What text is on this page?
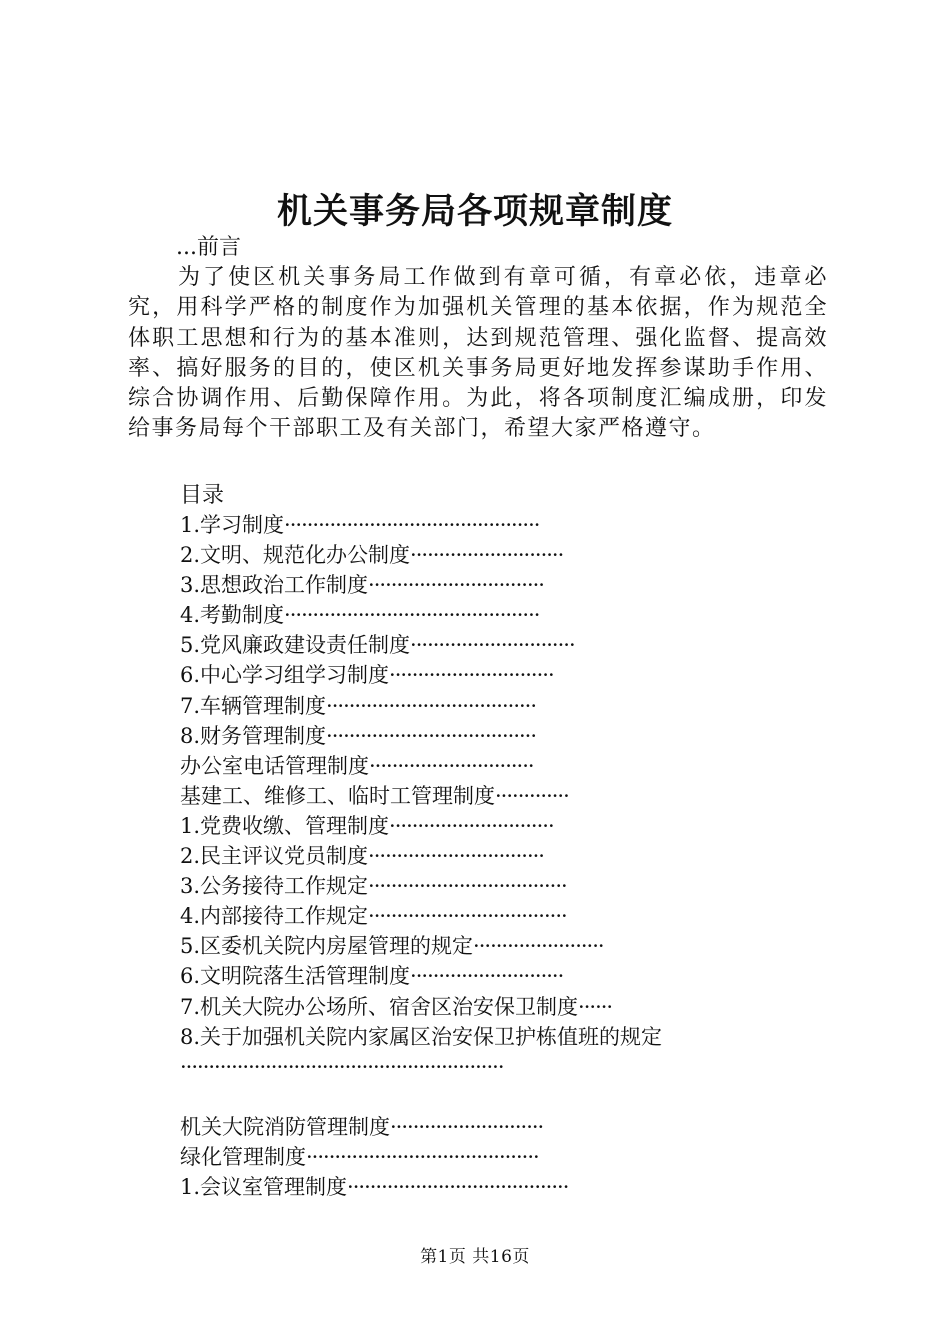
机关事务局各项规章制度
...前言

为了使区机关事务局工作做到有章可循，有章必依，违章必究，用科学严格的制度作为加强机关管理的基本依据，作为规范全体职工思想和行为的基本准则，达到规范管理、强化监督、提高效率、搞好服务的目的，使区机关事务局更好地发挥参谋助手作用、综合协调作用、后勤保障作用。为此，将各项制度汇编成册，印发给事务局每个干部职工及有关部门，希望大家严格遵守。

目录
1.学习制度·············································
2.文明、规范化办公制度···························
3.思想政治工作制度·······························
4.考勤制度·············································
5.党风廉政建设责任制度·····························
6.中心学习组学习制度·····························
7.车辆管理制度·····································
8.财务管理制度·····································
办公室电话管理制度·····························
基建工、维修工、临时工管理制度·············
1.党费收缴、管理制度·····························
2.民主评议党员制度·······························
3.公务接待工作规定···································
4.内部接待工作规定···································
5.区委机关院内房屋管理的规定·······················
6.文明院落生活管理制度···························
7.机关大院办公场所、宿舍区治安保卫制度······
8.关于加强机关院内家属区治安保卫护栋值班的规定
·························································

机关大院消防管理制度···························
绿化管理制度·········································
1.会议室管理制度·······································
第1页 共16页
